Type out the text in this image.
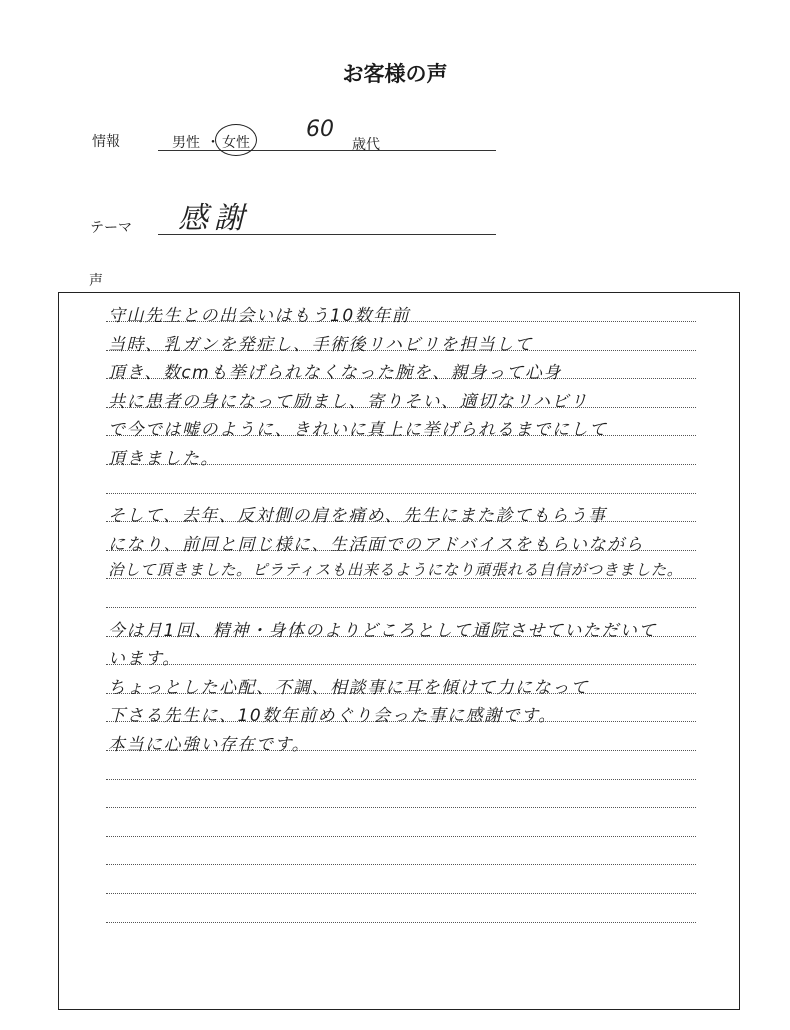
お客様の声
情報	男性 ・ 女性
60
歳代
テーマ 感謝
声
守山先生との出会いはもう10数年前
当時、乳ガンを発症し、手術後リハビリを担当して
頂き、数cmも挙げられなくなった腕を、親身って心身
共に患者の身になって励まし、寄りそい、適切なリハビリ
で今では嘘のように、きれいに真上に挙げられるまでにして
頂きました。
そして、去年、反対側の肩を痛め、先生にまた診てもらう事
になり、前回と同じ様に、生活面でのアドバイスをもらいながら
治して頂きました。ピラティスも出来るようになり頑張れる自信がつきました。
今は月1回、精神・身体のよりどころとして通院させていただいて
います。
ちょっとした心配、不調、相談事に耳を傾けて力になって
下さる先生に、10数年前めぐり会った事に感謝です。
本当に心強い存在です。
